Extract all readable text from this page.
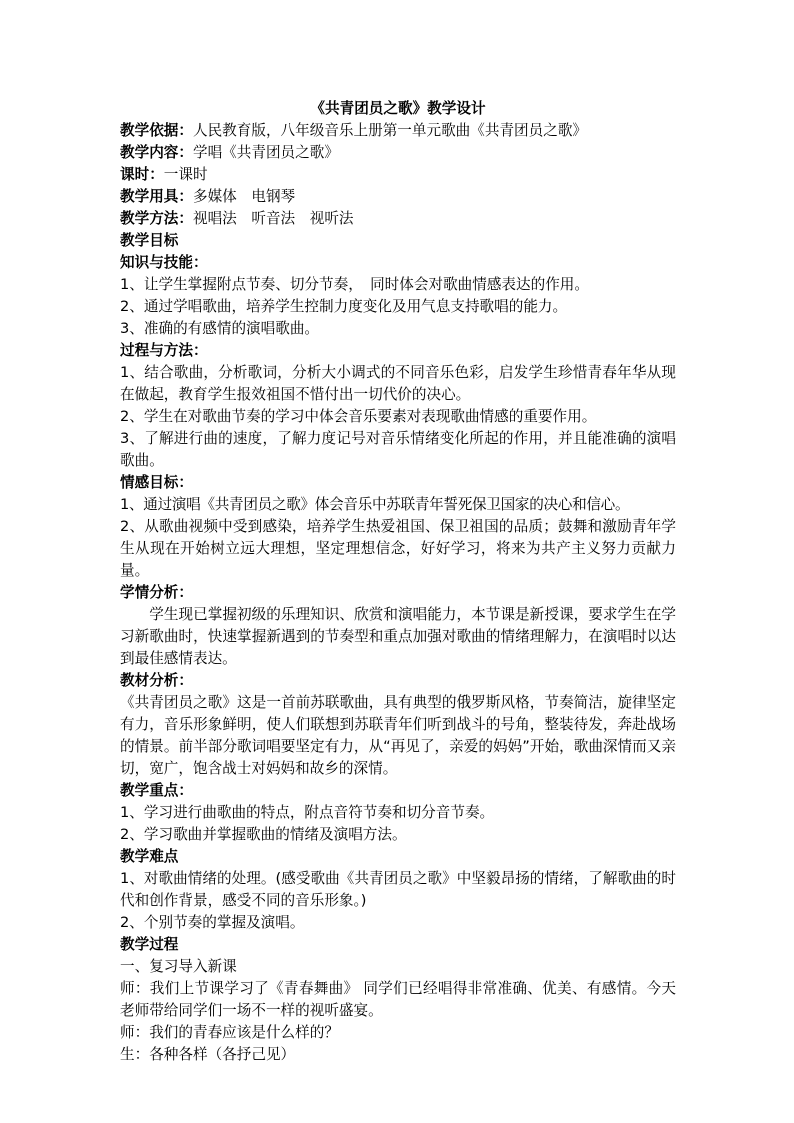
《共青团员之歌》教学设计

教学依据：人民教育版，八年级音乐上册第一单元歌曲《共青团员之歌》

教学内容：学唱《共青团员之歌》

课时：一课时

教学用具：多媒体　电钢琴

教学方法：视唱法　听音法　视听法

教学目标

知识与技能：

1、让学生掌握附点节奏、切分节奏，　同时体会对歌曲情感表达的作用。

2、通过学唱歌曲，培养学生控制力度变化及用气息支持歌唱的能力。

3、准确的有感情的演唱歌曲。

过程与方法：

1、结合歌曲，分析歌词，分析大小调式的不同音乐色彩，启发学生珍惜青春年华从现在做起，教育学生报效祖国不惜付出一切代价的决心。

2、学生在对歌曲节奏的学习中体会音乐要素对表现歌曲情感的重要作用。

3、了解进行曲的速度，了解力度记号对音乐情绪变化所起的作用，并且能准确的演唱歌曲。

情感目标：

1、通过演唱《共青团员之歌》体会音乐中苏联青年誓死保卫国家的决心和信心。

2、从歌曲视频中受到感染，培养学生热爱祖国、保卫祖国的品质；鼓舞和激励青年学生从现在开始树立远大理想，坚定理想信念，好好学习，将来为共产主义努力贡献力量。

学情分析：

学生现已掌握初级的乐理知识、欣赏和演唱能力，本节课是新授课，要求学生在学习新歌曲时，快速掌握新遇到的节奏型和重点加强对歌曲的情绪理解力，在演唱时以达到最佳感情表达。

教材分析：

《共青团员之歌》这是一首前苏联歌曲，具有典型的俄罗斯风格，节奏简洁，旋律坚定有力，音乐形象鲜明，使人们联想到苏联青年们听到战斗的号角，整装待发，奔赴战场的情景。前半部分歌词唱要坚定有力，从“再见了，亲爱的妈妈”开始，歌曲深情而又亲切，宽广，饱含战士对妈妈和故乡的深情。

教学重点：

1、学习进行曲歌曲的特点，附点音符节奏和切分音节奏。

2、学习歌曲并掌握歌曲的情绪及演唱方法。

教学难点

1、对歌曲情绪的处理。(感受歌曲《共青团员之歌》中坚毅昂扬的情绪，了解歌曲的时代和创作背景，感受不同的音乐形象。)

2、个别节奏的掌握及演唱。

教学过程

一、复习导入新课

师：我们上节课学习了《青春舞曲》 同学们已经唱得非常准确、优美、有感情。今天老师带给同学们一场不一样的视听盛宴。

师：我们的青春应该是什么样的？

生：各种各样（各抒己见）
